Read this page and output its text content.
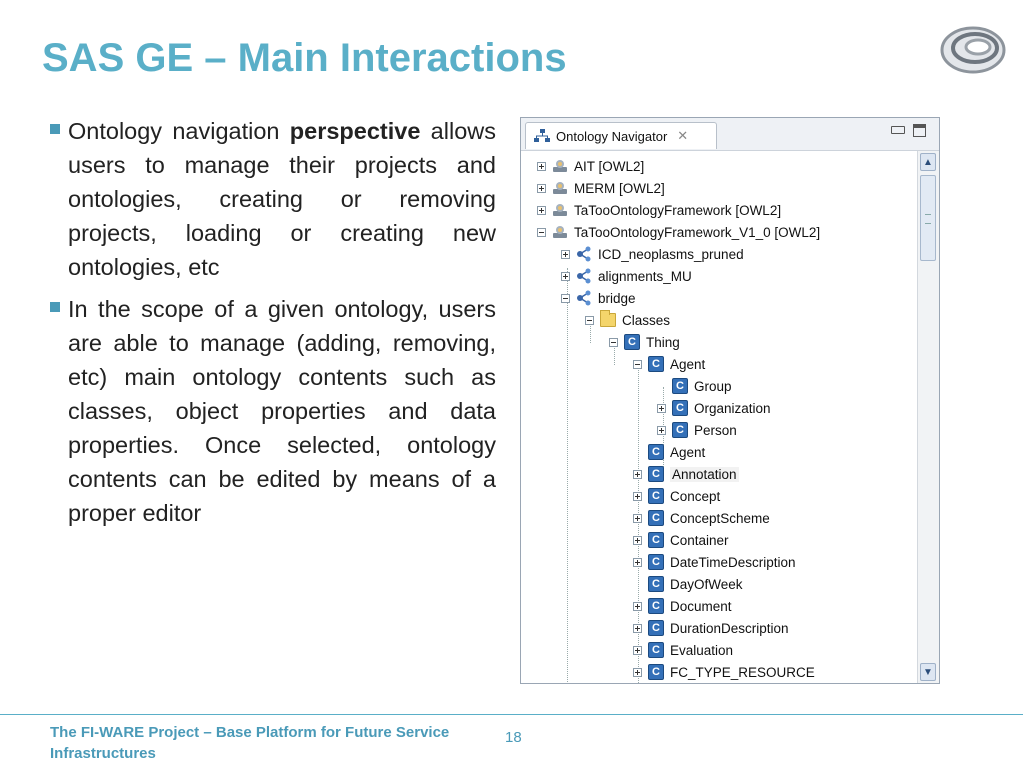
SAS GE – Main Interactions
Ontology navigation perspective allows users to manage their projects and ontologies, creating or removing projects, loading or creating new ontologies, etc
In the scope of a given ontology, users are able to manage (adding, removing, etc) main ontology contents such as classes, object properties and data properties. Once selected, ontology contents can be edited by means of a proper editor
Ontology Navigator ✕
AIT [OWL2]
MERM [OWL2]
TaTooOntologyFramework [OWL2]
TaTooOntologyFramework_V1_0 [OWL2]
ICD_neoplasms_pruned
alignments_MU
bridge
Classes
C Thing
C Agent
C Group
C Organization
C Person
C Agent
C Annotation
C Concept
C ConceptScheme
C Container
C DateTimeDescription
C DayOfWeek
C Document
C DurationDescription
C Evaluation
C FC_TYPE_RESOURCE
▲
▼
The FI-WARE Project – Base Platform for Future Service Infrastructures
18
